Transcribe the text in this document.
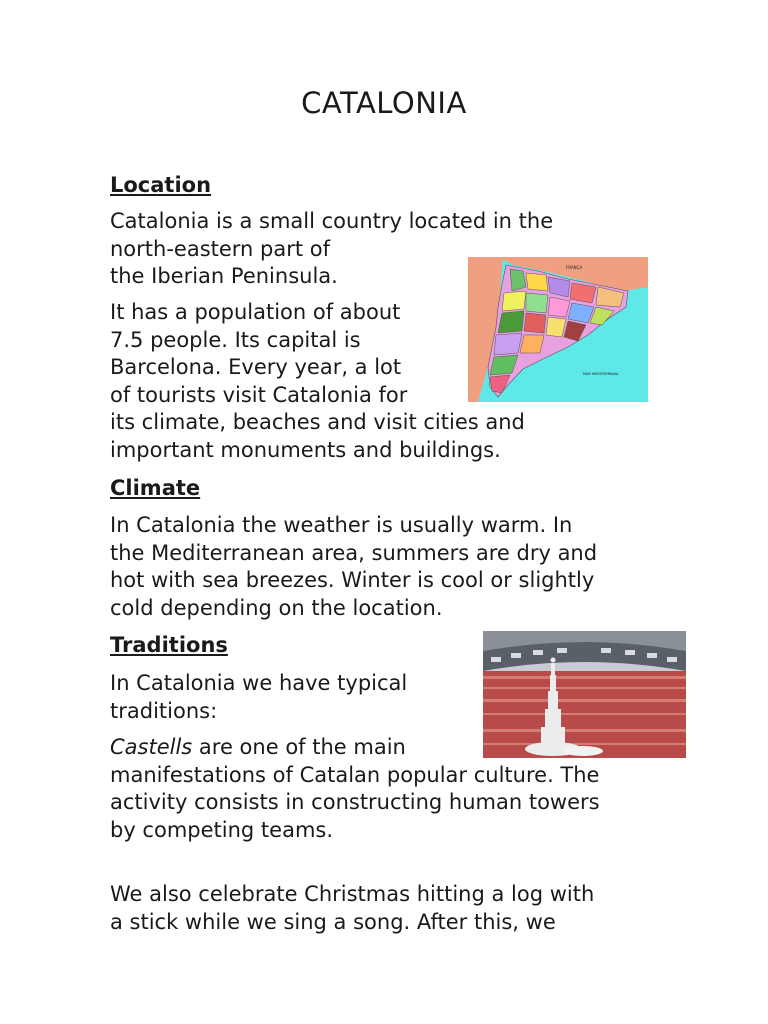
CATALONIA
Location
Catalonia is a small country located in the
north-eastern part of
the Iberian Peninsula.
It has a population of about
7.5 people. Its capital is
Barcelona. Every year, a lot
of tourists visit Catalonia for
its climate, beaches and visit cities and
important monuments and buildings.
FRANÇA
MAR MEDITERRANIA
Climate
In Catalonia the weather is usually warm. In
the Mediterranean area, summers are dry and
hot with sea breezes. Winter is cool or slightly
cold depending on the location.
Traditions
In Catalonia we have typical
traditions:
Castells are one of the main
manifestations of Catalan popular culture. The
activity consists in constructing human towers
by competing teams.
We also celebrate Christmas hitting a log with
a stick while we sing a song. After this, we
